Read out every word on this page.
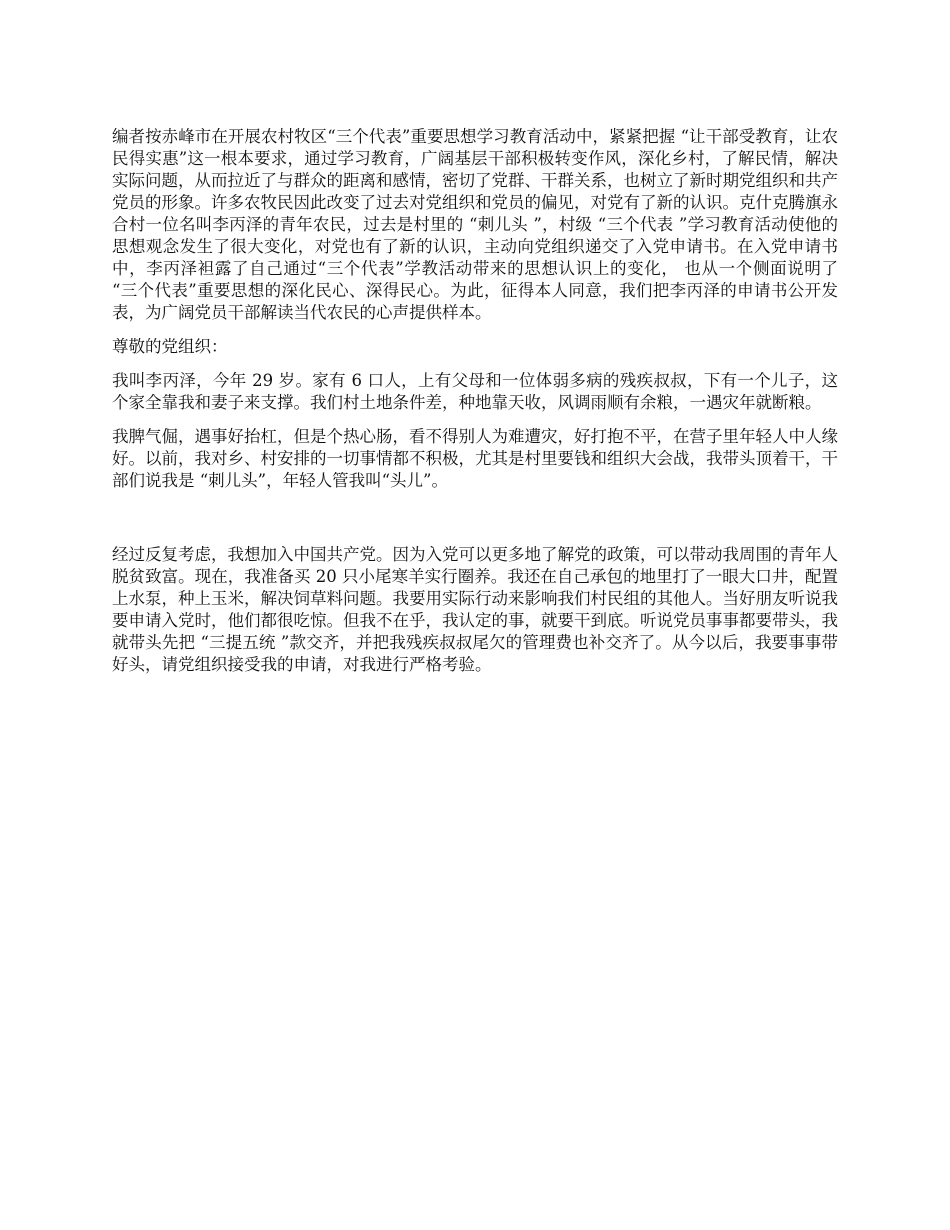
编者按赤峰市在开展农村牧区“三个代表”重要思想学习教育活动中，紧紧把握 “让干部受教育，让农民得实惠”这一根本要求，通过学习教育，广阔基层干部积极转变作风，深化乡村，了解民情，解决实际问题，从而拉近了与群众的距离和感情，密切了党群、干群关系，也树立了新时期党组织和共产党员的形象。许多农牧民因此改变了过去对党组织和党员的偏见，对党有了新的认识。克什克腾旗永合村一位名叫李丙泽的青年农民，过去是村里的 “刺儿头 ”，村级 “三个代表 ”学习教育活动使他的思想观念发生了很大变化，对党也有了新的认识，主动向党组织递交了入党申请书。在入党申请书中，李丙泽袒露了自己通过“三个代表”学教活动带来的思想认识上的变化， 也从一个侧面说明了 “三个代表”重要思想的深化民心、深得民心。为此，征得本人同意，我们把李丙泽的申请书公开发表，为广阔党员干部解读当代农民的心声提供样本。

尊敬的党组织：

我叫李丙泽，今年 29 岁。家有 6 口人，上有父母和一位体弱多病的残疾叔叔，下有一个儿子，这个家全靠我和妻子来支撑。我们村土地条件差，种地靠天收，风调雨顺有余粮，一遇灾年就断粮。

我脾气倔，遇事好抬杠，但是个热心肠，看不得别人为难遭灾，好打抱不平，在营子里年轻人中人缘好。以前，我对乡、村安排的一切事情都不积极，尤其是村里要钱和组织大会战，我带头顶着干，干部们说我是 “刺儿头”，年轻人管我叫“头儿”。

经过反复考虑，我想加入中国共产党。因为入党可以更多地了解党的政策，可以带动我周围的青年人脱贫致富。现在，我准备买 20 只小尾寒羊实行圈养。我还在自己承包的地里打了一眼大口井，配置上水泵，种上玉米，解决饲草料问题。我要用实际行动来影响我们村民组的其他人。当好朋友听说我要申请入党时，他们都很吃惊。但我不在乎，我认定的事，就要干到底。听说党员事事都要带头，我就带头先把 “三提五统 ”款交齐，并把我残疾叔叔尾欠的管理费也补交齐了。从今以后，我要事事带好头，请党组织接受我的申请，对我进行严格考验。
